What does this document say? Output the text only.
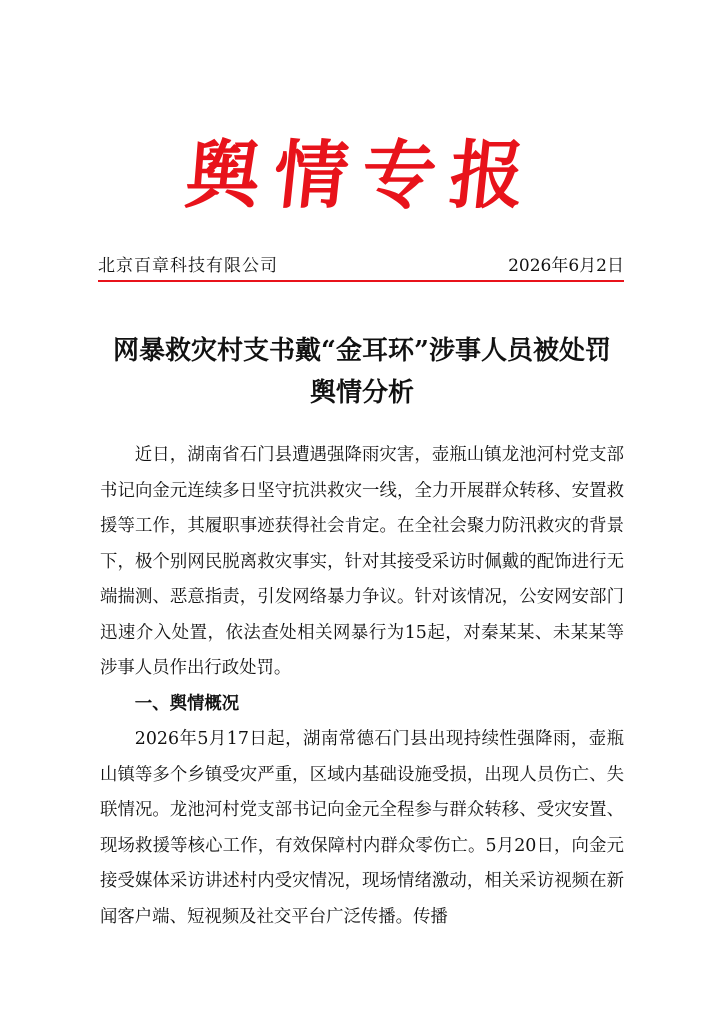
舆情专报
北京百章科技有限公司	2026年6月2日
网暴救灾村支书戴“金耳环”涉事人员被处罚
舆情分析

近日，湖南省石门县遭遇强降雨灾害，壶瓶山镇龙池河村党支部书记向金元连续多日坚守抗洪救灾一线，全力开展群众转移、安置救援等工作，其履职事迹获得社会肯定。在全社会聚力防汛救灾的背景下，极个别网民脱离救灾事实，针对其接受采访时佩戴的配饰进行无端揣测、恶意指责，引发网络暴力争议。针对该情况，公安网安部门迅速介入处置，依法查处相关网暴行为15起，对秦某某、未某某等涉事人员作出行政处罚。

一、舆情概况

2026年5月17日起，湖南常德石门县出现持续性强降雨，壶瓶山镇等多个乡镇受灾严重，区域内基础设施受损，出现人员伤亡、失联情况。龙池河村党支部书记向金元全程参与群众转移、受灾安置、现场救援等核心工作，有效保障村内群众零伤亡。5月20日，向金元接受媒体采访讲述村内受灾情况，现场情绪激动，相关采访视频在新闻客户端、短视频及社交平台广泛传播。传播
